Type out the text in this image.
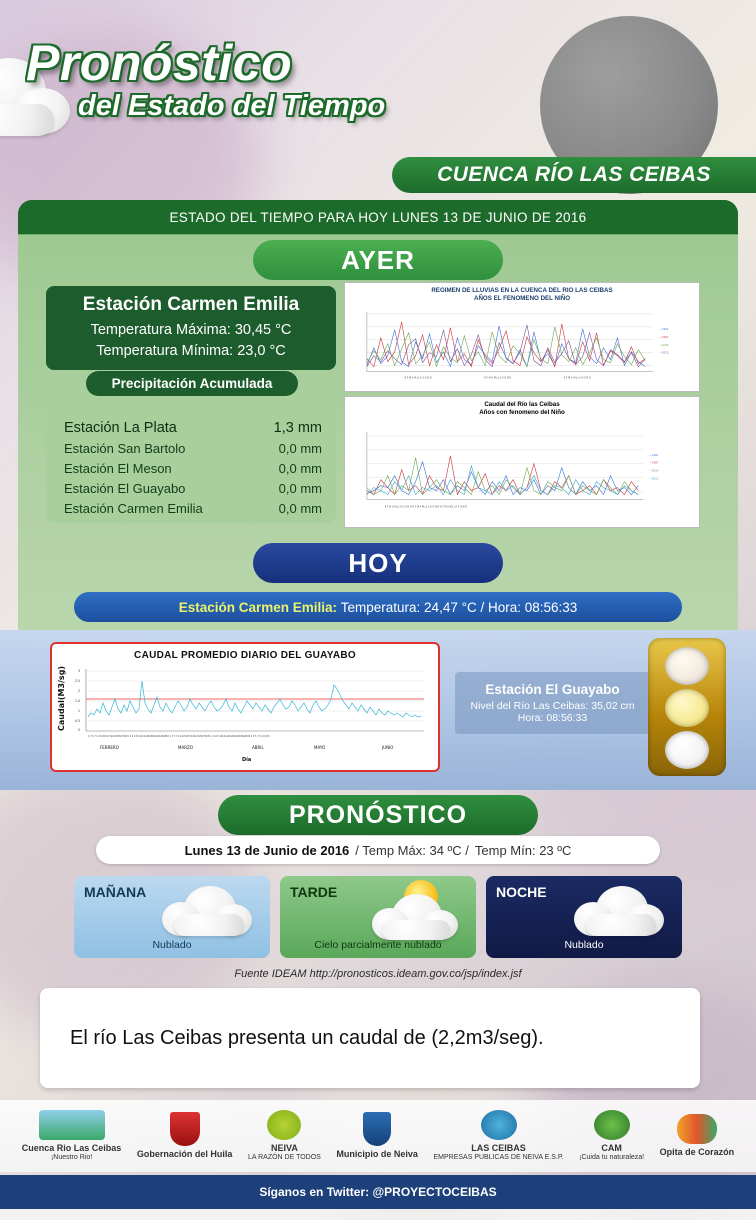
Pronóstico
del Estado del Tiempo
CUENCA RÍO LAS CEIBAS
ESTADO DEL TIEMPO PARA HOY LUNES 13 DE JUNIO DE 2016
AYER
Estación Carmen Emilia
Temperatura Máxima: 30,45 °C
Temperatura Mínima: 23,0 °C
Precipitación Acumulada
Estación La Plata	1,3 mm
Estación San Bartolo	0,0 mm
Estación El Meson	0,0 mm
Estación El Guayabo	0,0 mm
Estación Carmen Emilia	0,0 mm
REGIMEN DE LLUVIAS EN LA CUENCA DEL RIO LAS CEIBAS
AÑOS EL FENOMENO DEL NIÑO
E F M A M J J A S O N D	E F M A M J J A S O N D	E F M A M J J A S O N D
—1991
—1997
—2009
—2015
Caudal del Río las Ceibas
Años con fenomeno del Niño
E F M A M J J A S O N D E F M A M J J A S O N D E F M A M J J A S O N D
—1991
—1997
—2009
—2015
HOY
Estación Carmen Emilia:
Temperatura: 24,47 °C / Hora: 08:56:33
CAUDAL PROMEDIO DIARIO DEL GUAYABO
Caudal(M3/sg)	3
2.5
2
1.5
1
0.5
0
1 3 5 7 9 1113151719212325272931 2 4 6 8 1012141618202224262830 1 3 5 7 9 1113151719212325272931 2 4 6 8 1012141618202224262830 1 3 5 7 9 111315
FEBRERO	MARZO	ABRIL	MAYO	JUNIO
Día
Estación El Guayabo
Nivel del Río Las Ceibas: 35,02 cm
Hora: 08:56:33
PRONÓSTICO
Lunes 13 de Junio de 2016 / Temp Máx: 34 ºC / Temp Mín: 23 ºC
MAÑANA
Nublado
TARDE
Cielo parcialmente nublado
NOCHE
Nublado
Fuente IDEAM http://pronosticos.ideam.gov.co/jsp/index.jsf
El río Las Ceibas presenta un caudal de (2,2m3/seg).
Cuenca Rio Las Ceibas
¡Nuestro Rio!	Gobernación del Huila
NEIVA
LA RAZÓN DE TODOS Municipio de Neiva
LAS CEIBAS
EMPRESAS PUBLICAS DE NEIVA E.S.P.
CAM
¡Cuida tu naturaleza! Opita de Corazón
Síganos en Twitter: @PROYECTOCEIBAS
